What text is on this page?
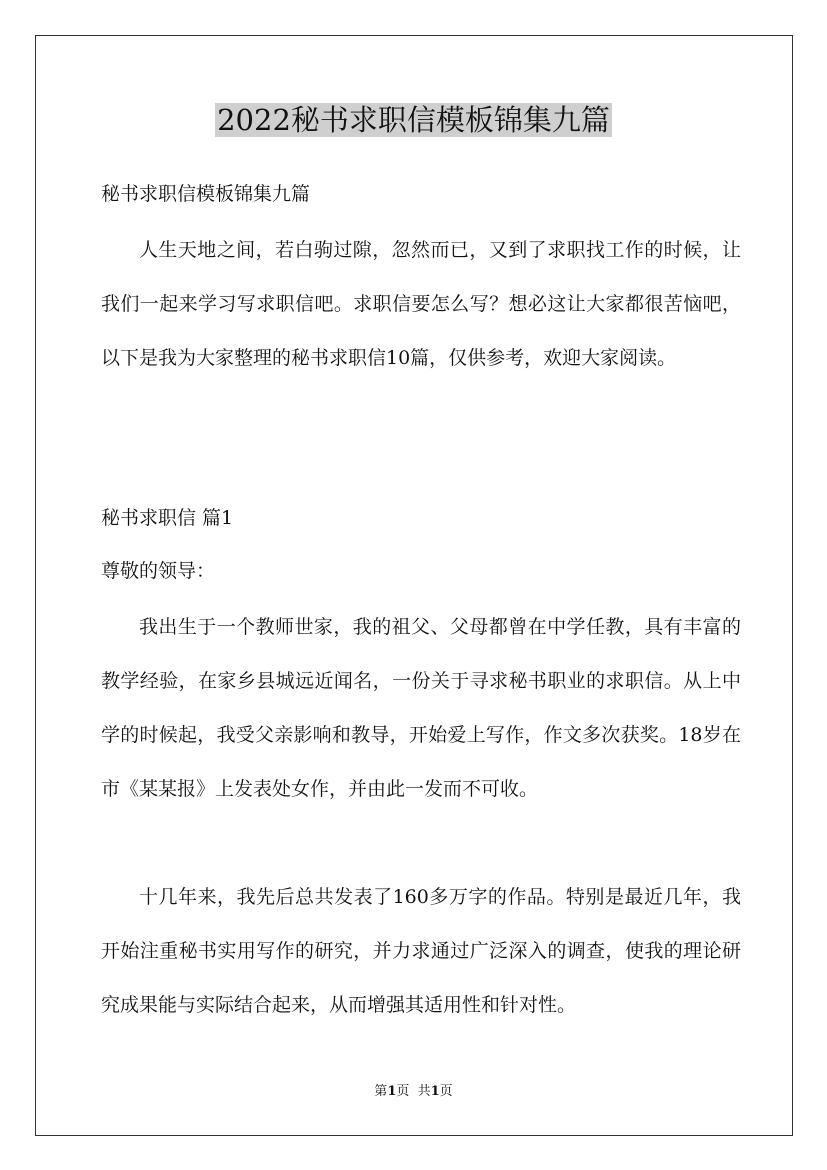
2022秘书求职信模板锦集九篇

秘书求职信模板锦集九篇

人生天地之间，若白驹过隙，忽然而已，又到了求职找工作的时候，让我们一起来学习写求职信吧。求职信要怎么写？想必这让大家都很苦恼吧，以下是我为大家整理的秘书求职信10篇，仅供参考，欢迎大家阅读。

秘书求职信 篇1

尊敬的领导：

我出生于一个教师世家，我的祖父、父母都曾在中学任教，具有丰富的教学经验，在家乡县城远近闻名，一份关于寻求秘书职业的求职信。从上中学的时候起，我受父亲影响和教导，开始爱上写作，作文多次获奖。18岁在市《某某报》上发表处女作，并由此一发而不可收。

十几年来，我先后总共发表了160多万字的作品。特别是最近几年，我开始注重秘书实用写作的研究，并力求通过广泛深入的调查，使我的理论研究成果能与实际结合起来，从而增强其适用性和针对性。

第1页  共1页
